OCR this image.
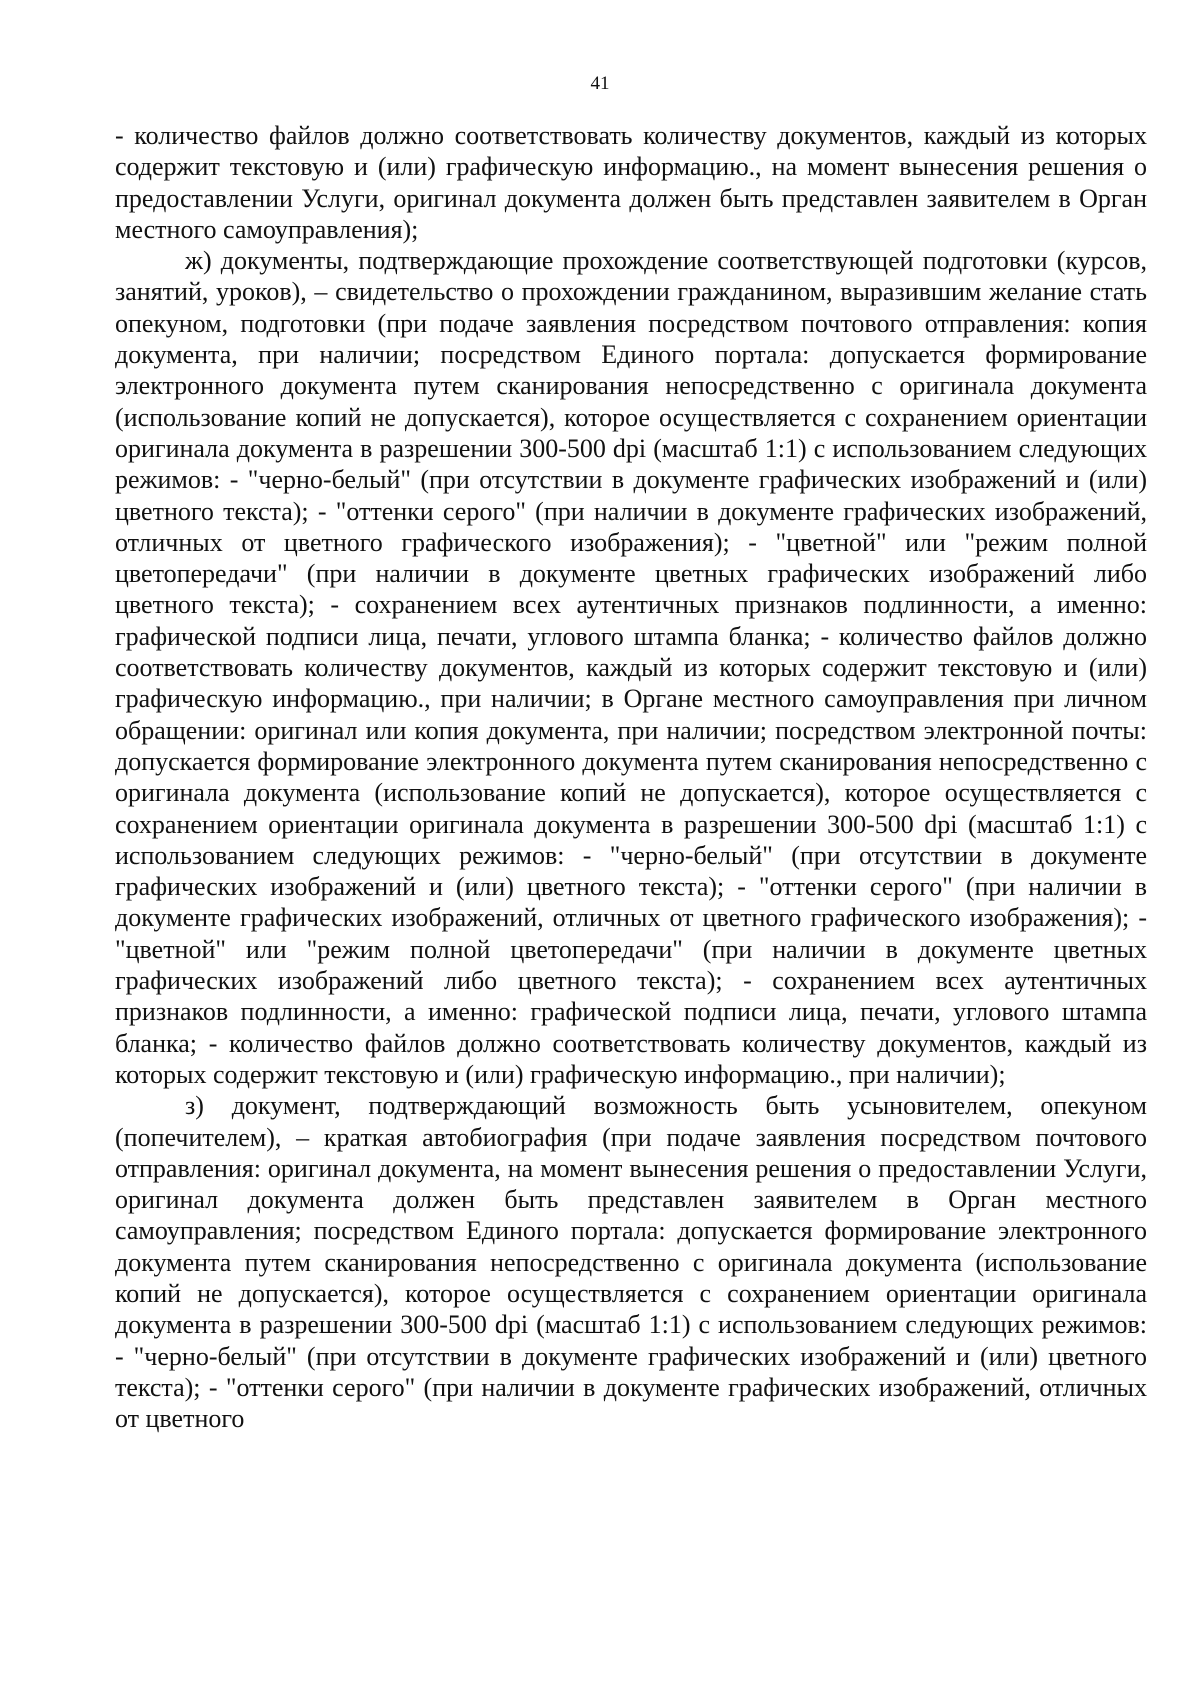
41

- количество файлов должно соответствовать количеству документов, каждый из которых содержит текстовую и (или) графическую информацию., на момент вынесения решения о предоставлении Услуги, оригинал документа должен быть представлен заявителем в Орган местного самоуправления);

ж) документы, подтверждающие прохождение соответствующей подготовки (курсов, занятий, уроков), – свидетельство о прохождении гражданином, выразившим желание стать опекуном, подготовки (при подаче заявления посредством почтового отправления: копия документа, при наличии; посредством Единого портала: допускается формирование электронного документа путем сканирования непосредственно с оригинала документа (использование копий не допускается), которое осуществляется с сохранением ориентации оригинала документа в разрешении 300-500 dpi (масштаб 1:1) с использованием следующих режимов: - "черно-белый" (при отсутствии в документе графических изображений и (или) цветного текста); - "оттенки серого" (при наличии в документе графических изображений, отличных от цветного графического изображения); - "цветной" или "режим полной цветопередачи" (при наличии в документе цветных графических изображений либо цветного текста); - сохранением всех аутентичных признаков подлинности, а именно: графической подписи лица, печати, углового штампа бланка; - количество файлов должно соответствовать количеству документов, каждый из которых содержит текстовую и (или) графическую информацию., при наличии; в Органе местного самоуправления при личном обращении: оригинал или копия документа, при наличии; посредством электронной почты: допускается формирование электронного документа путем сканирования непосредственно с оригинала документа (использование копий не допускается), которое осуществляется с сохранением ориентации оригинала документа в разрешении 300-500 dpi (масштаб 1:1) с использованием следующих режимов: - "черно-белый" (при отсутствии в документе графических изображений и (или) цветного текста); - "оттенки серого" (при наличии в документе графических изображений, отличных от цветного графического изображения); - "цветной" или "режим полной цветопередачи" (при наличии в документе цветных графических изображений либо цветного текста); - сохранением всех аутентичных признаков подлинности, а именно: графической подписи лица, печати, углового штампа бланка; - количество файлов должно соответствовать количеству документов, каждый из которых содержит текстовую и (или) графическую информацию., при наличии);

з) документ, подтверждающий возможность быть усыновителем, опекуном (попечителем), – краткая автобиография (при подаче заявления посредством почтового отправления: оригинал документа, на момент вынесения решения о предоставлении Услуги, оригинал документа должен быть представлен заявителем в Орган местного самоуправления; посредством Единого портала: допускается формирование электронного документа путем сканирования непосредственно с оригинала документа (использование копий не допускается), которое осуществляется с сохранением ориентации оригинала документа в разрешении 300-500 dpi (масштаб 1:1) с использованием следующих режимов: - "черно-белый" (при отсутствии в документе графических изображений и (или) цветного текста); - "оттенки серого" (при наличии в документе графических изображений, отличных от цветного
